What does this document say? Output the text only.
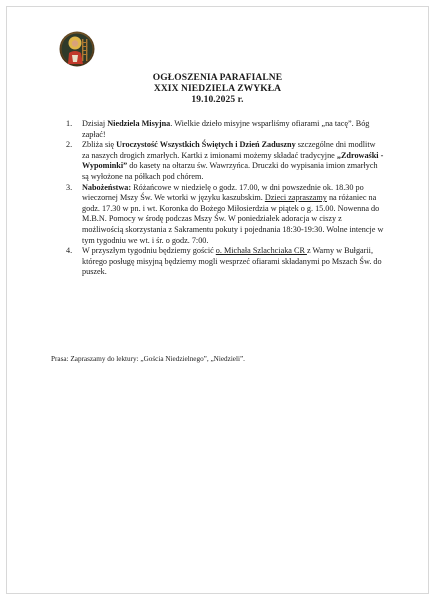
OGŁOSZENIA PARAFIALNE
XXIX NIEDZIELA ZWYKŁA
19.10.2025 r.
1. Dzisiaj Niedziela Misyjna. Wielkie dzieło misyjne wsparliśmy ofiarami „na tacę”. Bóg zapłać!
2. Zbliża się Uroczystość Wszystkich Świętych i Dzień Zaduszny szczególne dni modlitw za naszych drogich zmarłych. Kartki z imionami możemy składać tradycyjne „Zdrowaśki - Wypominki” do kasety na ołtarzu św. Wawrzyńca. Druczki do wypisania imion zmarłych są wyłożone na półkach pod chórem.
3. Nabożeństwa: Różańcowe w niedzielę o godz. 17.00, w dni powszednie ok. 18.30 po wieczornej Mszy Św. We wtorki w języku kaszubskim. Dzieci zapraszamy na różaniec na godz. 17.30 w pn. i wt. Koronka do Bożego Miłosierdzia w piątek o g. 15.00. Nowenna do M.B.N. Pomocy w środę podczas Mszy Św. W poniedziałek adoracja w ciszy z możliwością skorzystania z Sakramentu pokuty i pojednania 18:30-19:30. Wolne intencje w tym tygodniu we wt. i śr. o godz. 7:00.
4. W przyszłym tygodniu będziemy gościć o. Michała Szlachciaka CR z Warny w Bułgarii, którego posługę misyjną będziemy mogli wesprzeć ofiarami składanymi po Mszach Św. do puszek.
Prasa: Zapraszamy do lektury: „Gościa Niedzielnego”, „Niedzieli”.
